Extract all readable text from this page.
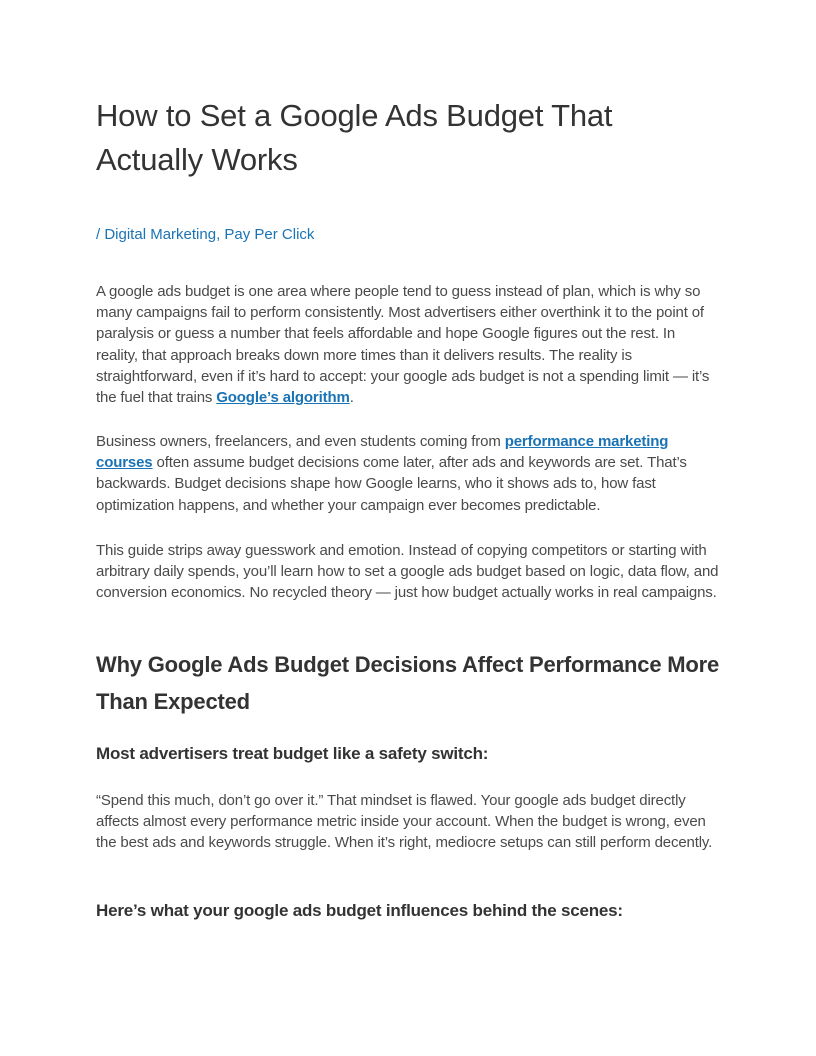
How to Set a Google Ads Budget That Actually Works
/ Digital Marketing, Pay Per Click

A google ads budget is one area where people tend to guess instead of plan, which is why so many campaigns fail to perform consistently. Most advertisers either overthink it to the point of paralysis or guess a number that feels affordable and hope Google figures out the rest. In reality, that approach breaks down more times than it delivers results. The reality is straightforward, even if it’s hard to accept: your google ads budget is not a spending limit — it’s the fuel that trains Google’s algorithm.

Business owners, freelancers, and even students coming from performance marketing courses often assume budget decisions come later, after ads and keywords are set. That’s backwards. Budget decisions shape how Google learns, who it shows ads to, how fast optimization happens, and whether your campaign ever becomes predictable.

This guide strips away guesswork and emotion. Instead of copying competitors or starting with arbitrary daily spends, you’ll learn how to set a google ads budget based on logic, data flow, and conversion economics. No recycled theory — just how budget actually works in real campaigns.

Why Google Ads Budget Decisions Affect Performance More Than Expected
Most advertisers treat budget like a safety switch:

“Spend this much, don’t go over it.” That mindset is flawed. Your google ads budget directly affects almost every performance metric inside your account. When the budget is wrong, even the best ads and keywords struggle. When it’s right, mediocre setups can still perform decently.

Here’s what your google ads budget influences behind the scenes:
